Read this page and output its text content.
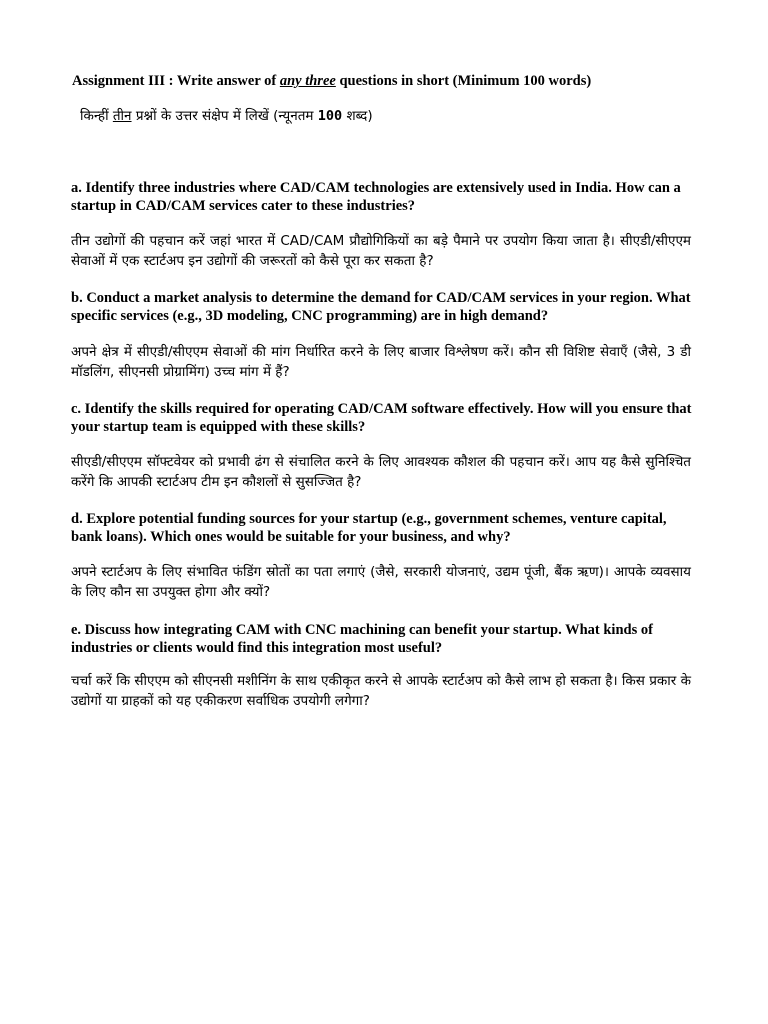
Assignment III : Write answer of any three questions in short (Minimum 100 words)
किन्हीं तीन प्रश्नों के उत्तर संक्षेप में लिखें (न्यूनतम 100 शब्द)
a. Identify three industries where CAD/CAM technologies are extensively used in India. How can a startup in CAD/CAM services cater to these industries?
तीन उद्योगों की पहचान करें जहां भारत में CAD/CAM प्रौद्योगिकियों का बड़े पैमाने पर उपयोग किया जाता है। सीएडी/सीएएम सेवाओं में एक स्टार्टअप इन उद्योगों की जरूरतों को कैसे पूरा कर सकता है?
b. Conduct a market analysis to determine the demand for CAD/CAM services in your region. What specific services (e.g., 3D modeling, CNC programming) are in high demand?
अपने क्षेत्र में सीएडी/सीएएम सेवाओं की मांग निर्धारित करने के लिए बाजार विश्लेषण करें। कौन सी विशिष्ट सेवाएँ (जैसे, 3 डी मॉडलिंग, सीएनसी प्रोग्रामिंग) उच्च मांग में हैं?
c. Identify the skills required for operating CAD/CAM software effectively. How will you ensure that your startup team is equipped with these skills?
सीएडी/सीएएम सॉफ्टवेयर को प्रभावी ढंग से संचालित करने के लिए आवश्यक कौशल की पहचान करें। आप यह कैसे सुनिश्चित करेंगे कि आपकी स्टार्टअप टीम इन कौशलों से सुसज्जित है?
d. Explore potential funding sources for your startup (e.g., government schemes, venture capital, bank loans). Which ones would be suitable for your business, and why?
अपने स्टार्टअप के लिए संभावित फंडिंग स्रोतों का पता लगाएं (जैसे, सरकारी योजनाएं, उद्यम पूंजी, बैंक ऋण)। आपके व्यवसाय के लिए कौन सा उपयुक्त होगा और क्यों?
e. Discuss how integrating CAM with CNC machining can benefit your startup. What kinds of industries or clients would find this integration most useful?
चर्चा करें कि सीएएम को सीएनसी मशीनिंग के साथ एकीकृत करने से आपके स्टार्टअप को कैसे लाभ हो सकता है। किस प्रकार के उद्योगों या ग्राहकों को यह एकीकरण सर्वाधिक उपयोगी लगेगा?
